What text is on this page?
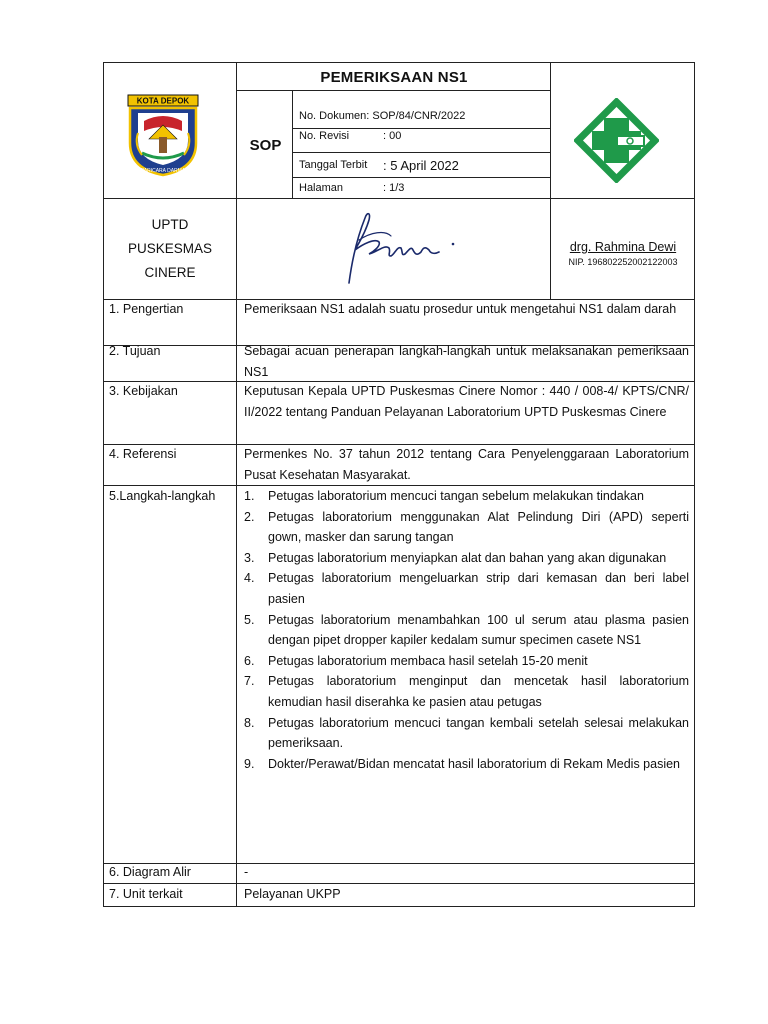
KOTA DEPOK
PARICARA DARMA
PEMERIKSAAN NS1
SOP
No. Dokumen : SOP/84/CNR/2022
No. Revisi	: 00
Tanggal Terbit	: 5 April 2022
Halaman	: 1/3
UPTD
PUSKESMAS
CINERE
drg. Rahmina Dewi
NIP. 196802252002122003
1. Pengertian	Pemeriksaan NS1 adalah suatu prosedur untuk mengetahui NS1 dalam darah
2. Tujuan	Sebagai acuan penerapan langkah-langkah untuk melaksanakan pemeriksaan NS1
3. Kebijakan	Keputusan Kepala UPTD Puskesmas Cinere Nomor : 440 / 008-4/ KPTS/CNR/ II/2022 tentang Panduan Pelayanan Laboratorium UPTD Puskesmas Cinere
4. Referensi	Permenkes No. 37 tahun 2012 tentang Cara Penyelenggaraan Laboratorium Pusat Kesehatan Masyarakat.
5.Langkah-langkah	1. Petugas laboratorium mencuci tangan sebelum melakukan tindakan
2. Petugas laboratorium menggunakan Alat Pelindung Diri (APD) seperti gown, masker dan sarung tangan
3. Petugas laboratorium menyiapkan alat dan bahan yang akan digunakan
4. Petugas laboratorium mengeluarkan strip dari kemasan dan beri label pasien
5. Petugas laboratorium menambahkan 100 ul serum atau plasma pasien dengan pipet dropper kapiler kedalam sumur specimen casete NS1
6. Petugas laboratorium membaca hasil setelah 15-20 menit
7. Petugas laboratorium menginput dan mencetak hasil laboratorium kemudian hasil diserahka ke pasien atau petugas
8. Petugas laboratorium mencuci tangan kembali setelah selesai melakukan pemeriksaan.
9. Dokter/Perawat/Bidan mencatat hasil laboratorium di Rekam Medis pasien
6. Diagram Alir	-
7. Unit terkait	Pelayanan UKPP
